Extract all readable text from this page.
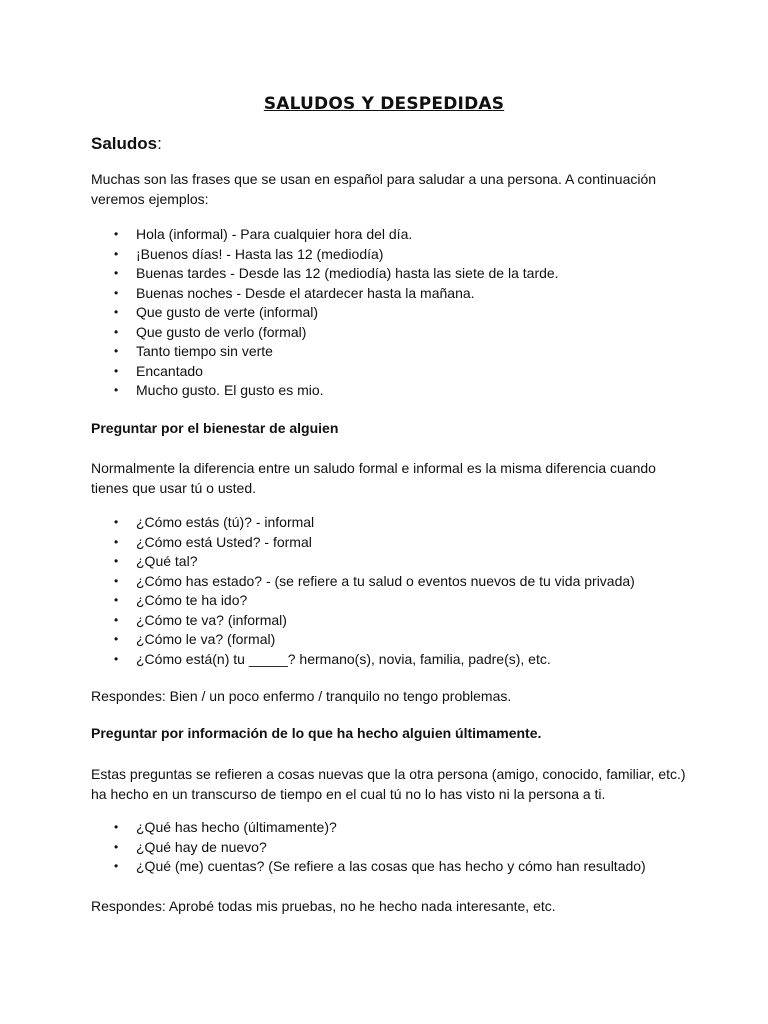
SALUDOS Y DESPEDIDAS
Saludos:
Muchas son las frases que se usan en español para saludar a una persona. A continuación
veremos ejemplos:
• Hola (informal) - Para cualquier hora del día.
• ¡Buenos días! - Hasta las 12 (mediodía)
• Buenas tardes - Desde las 12 (mediodía) hasta las siete de la tarde.
• Buenas noches - Desde el atardecer hasta la mañana.
• Que gusto de verte (informal)
• Que gusto de verlo (formal)
• Tanto tiempo sin verte
• Encantado
• Mucho gusto. El gusto es mio.
Preguntar por el bienestar de alguien
Normalmente la diferencia entre un saludo formal e informal es la misma diferencia cuando
tienes que usar tú o usted.
• ¿Cómo estás (tú)? - informal
• ¿Cómo está Usted? - formal
• ¿Qué tal?
• ¿Cómo has estado? - (se refiere a tu salud o eventos nuevos de tu vida privada)
• ¿Cómo te ha ido?
• ¿Cómo te va? (informal)
• ¿Cómo le va? (formal)
• ¿Cómo está(n) tu _____? hermano(s), novia, familia, padre(s), etc.
Respondes: Bien / un poco enfermo / tranquilo no tengo problemas.
Preguntar por información de lo que ha hecho alguien últimamente.
Estas preguntas se refieren a cosas nuevas que la otra persona (amigo, conocido, familiar, etc.)
ha hecho en un transcurso de tiempo en el cual tú no lo has visto ni la persona a ti.
• ¿Qué has hecho (últimamente)?
• ¿Qué hay de nuevo?
• ¿Qué (me) cuentas? (Se refiere a las cosas que has hecho y cómo han resultado)
Respondes: Aprobé todas mis pruebas, no he hecho nada interesante, etc.
